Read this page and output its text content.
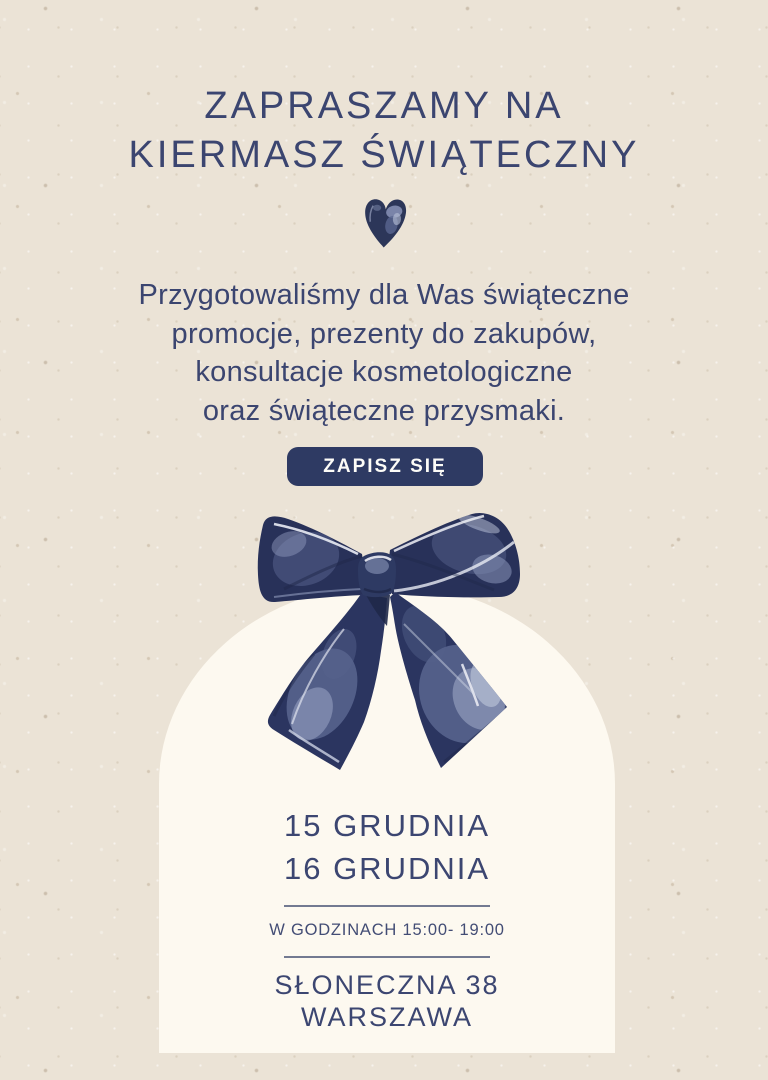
ZAPRASZAMY NA
KIERMASZ ŚWIĄTECZNY
Przygotowaliśmy dla Was świąteczne
promocje, prezenty do zakupów,
konsultacje kosmetologiczne
oraz świąteczne przysmaki.
ZAPISZ SIĘ
15 GRUDNIA
16 GRUDNIA
W GODZINACH 15:00- 19:00
SŁONECZNA 38
WARSZAWA
